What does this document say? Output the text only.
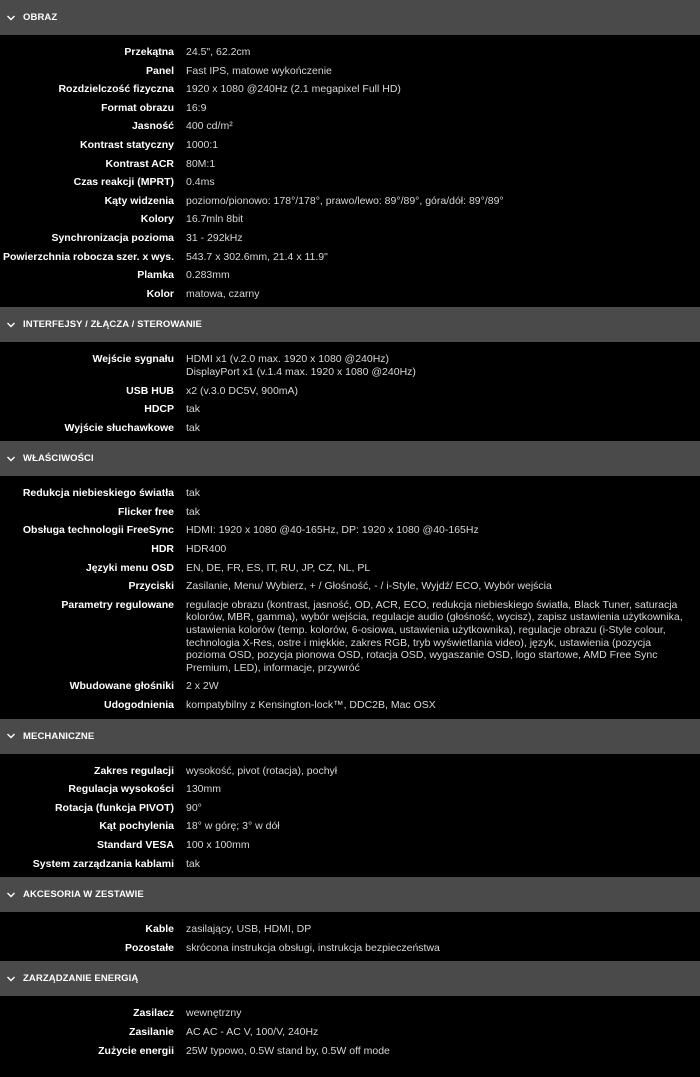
OBRAZ
Przekątna 24.5", 62.2cm
Panel Fast IPS, matowe wykończenie
Rozdzielczość fizyczna 1920 x 1080 @240Hz (2.1 megapixel Full HD)
Format obrazu 16:9
Jasność 400 cd/m²
Kontrast statyczny 1000:1
Kontrast ACR 80M:1
Czas reakcji (MPRT) 0.4ms
Kąty widzenia poziomo/pionowo: 178°/178°, prawo/lewo: 89°/89°, góra/dół: 89°/89°
Kolory 16.7mln 8bit
Synchronizacja pozioma 31 - 292kHz
Powierzchnia robocza szer. x wys. 543.7 x 302.6mm, 21.4 x 11.9"
Plamka 0.283mm
Kolor matowa, czarny
INTERFEJSY / ZŁĄCZA / STEROWANIE
Wejście sygnału HDMI x1 (v.2.0 max. 1920 x 1080 @240Hz)
DisplayPort x1 (v.1.4 max. 1920 x 1080 @240Hz)
USB HUB x2 (v.3.0 DC5V, 900mA)
HDCP tak
Wyjście słuchawkowe tak
WŁAŚCIWOŚCI
Redukcja niebieskiego światła tak
Flicker free tak
Obsługa technologii FreeSync HDMI: 1920 x 1080 @40-165Hz, DP: 1920 x 1080 @40-165Hz
HDR HDR400
Języki menu OSD EN, DE, FR, ES, IT, RU, JP, CZ, NL, PL
Przyciski Zasilanie, Menu/ Wybierz, + / Głośność, - / i-Style, Wyjdź/ ECO, Wybór wejścia
Parametry regulowane regulacje obrazu (kontrast, jasność, OD, ACR, ECO, redukcja niebieskiego światła, Black Tuner, saturacja kolorów, MBR, gamma), wybór wejścia, regulacje audio (głośność, wycisz), zapisz ustawienia użytkownika, ustawienia kolorów (temp. kolorów, 6-osiowa, ustawienia użytkownika), regulacje obrazu (i-Style colour, technologia X-Res, ostre i miękkie, zakres RGB, tryb wyświetlania video), język, ustawienia (pozycja pozioma OSD, pozycja pionowa OSD, rotacja OSD, wygaszanie OSD, logo startowe, AMD Free Sync Premium, LED), informacje, przywróć
Wbudowane głośniki 2 x 2W
Udogodnienia kompatybilny z Kensington-lock™, DDC2B, Mac OSX
MECHANICZNE
Zakres regulacji wysokość, pivot (rotacja), pochył
Regulacja wysokości 130mm
Rotacja (funkcja PIVOT) 90°
Kąt pochylenia 18° w górę; 3° w dół
Standard VESA 100 x 100mm
System zarządzania kablami tak
AKCESORIA W ZESTAWIE
Kable zasilający, USB, HDMI, DP
Pozostałe skrócona instrukcja obsługi, instrukcja bezpieczeństwa
ZARZĄDZANIE ENERGIĄ
Zasilacz wewnętrzny
Zasilanie AC AC - AC V, 100/V, 240Hz
Zużycie energii 25W typowo, 0.5W stand by, 0.5W off mode
